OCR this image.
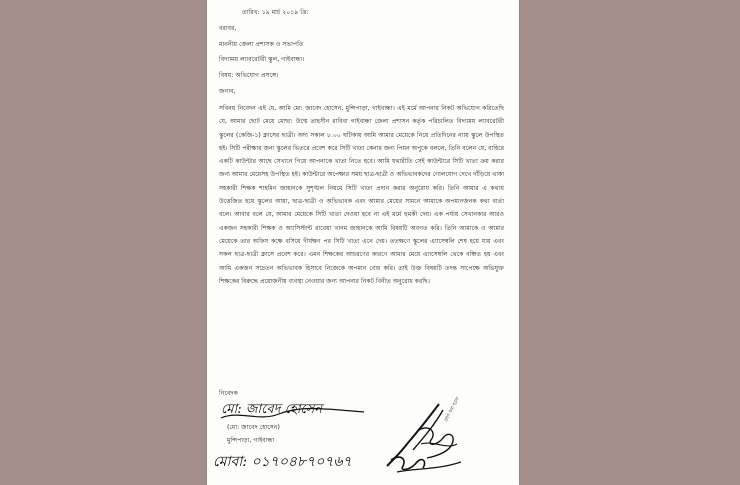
তারিখ: ১৯ মার্চ ২০১৯ খ্রি:

বরাবর,

মাননীয় জেলা প্রশাসক ও সভাপতি

বিদ্যাময় ল্যাবরেটরী স্কুল, গাইবান্ধা।

বিষয়: অভিযোগ প্রসঙ্গে।

জনাব,

সবিনয় নিবেদন এই যে, আমি মো: জাবেদ হোসেন, মুন্সিপাড়া, গাইবান্ধা। এই মর্মে আপনার নিকট অভিযোগ করিতেছি যে, আমার ছোট মেয়ে মোছা: উম্মে তাহসীন রাবিবা গাইবান্ধা জেলা প্রশাসন কর্তৃক পরিচালিত বিদ্যাময় ল্যাবরেটরী স্কুলের (কেজি-১) ক্লাসের ছাত্রী। অদ্য সকাল ৮.০০ ঘটিকায় আমি আমার মেয়েকে নিয়ে প্রতিদিনের ন্যায় স্কুলে উপস্থিত হই। সিটি পরীক্ষার জন্য স্কুলের ভিতরে প্রবেশ করে সিটি খাতা কেনার জন্য পিয়ন অপুকে বললে, তিনি বলেন যে, বাহিরে একটি কাউন্টার আছে সেখানে গিয়ে আপনাকে খাতা নিতে হবে। আমি যথারীতি সেই কাউন্টারে সিটি খাতা ক্রয় করার জন্য আমার মেয়েসহ উপস্থিত হই। কাউন্টারে অপেক্ষার সময় ছাত্র-ছাত্রী ও অভিভাবকদের গোলযোগ দেখে দাঁড়িয়ে থাকা সহকারী শিক্ষক শাহমিন জাহানকে সুশৃঙ্খল নিয়মে সিটি খাতা প্রদান করার অনুরোধ করি। তিনি আমার এ কথায় উত্তেজিত হয়ে স্কুলের আয়া, ছাত্র-ছাত্রী ও অভিভাবক এবং আমার মেয়ের সামনে আমাকে অপমানজনক কথা বার্তা বলে। আবার বলে যে, আমার মেয়েকে সিটি খাতা দেওয়া হবে না এই মর্মে হুমকী দেয়। এক পর্যায় সেখানকার আরও একজন সহকারী শিক্ষক ও অ্যাসিস্টান্ট রাবেয়া খানম জাহানকে আমি বিষয়টি অবগত করি। তিনি আমাকে ও আমার মেয়েকে তার অফিস কক্ষে বসিয়ে দীর্ঘক্ষণ পর সিটি খাতা এনে দেয়। ততক্ষণে স্কুলের এ্যাসেম্বলি শেষ হয়ে যায় এবং সকল ছাত্র-ছাত্রী ক্লাসে প্রবেশ করে। এমন শিক্ষকের আচরণের কারণে আমার মেয়ে এ্যাসেম্বলি থেকে বঞ্চিত হয় এবং আমি একজন সচেতন অভিভাবক হিসাবে নিজেকে অপমান বোধ করি। তাই উক্ত বিষয়টি তদন্ত সাপেক্ষে অভিযুক্ত শিক্ষকের বিরুদ্ধে প্রয়োজনীয় ব্যবস্থা নেওয়ার জন্য আপনার নিকট বিনীত অনুরোধ করছি।

নিবেদক

মো: জাবেদ হোসেন

(মো: জাবেদ হোসেন)

মুন্সিপাড়া, গাইবান্ধা

মোবা: ০১৭০৪৮৭০৭৬৭
গ্রহণ করা হলো
